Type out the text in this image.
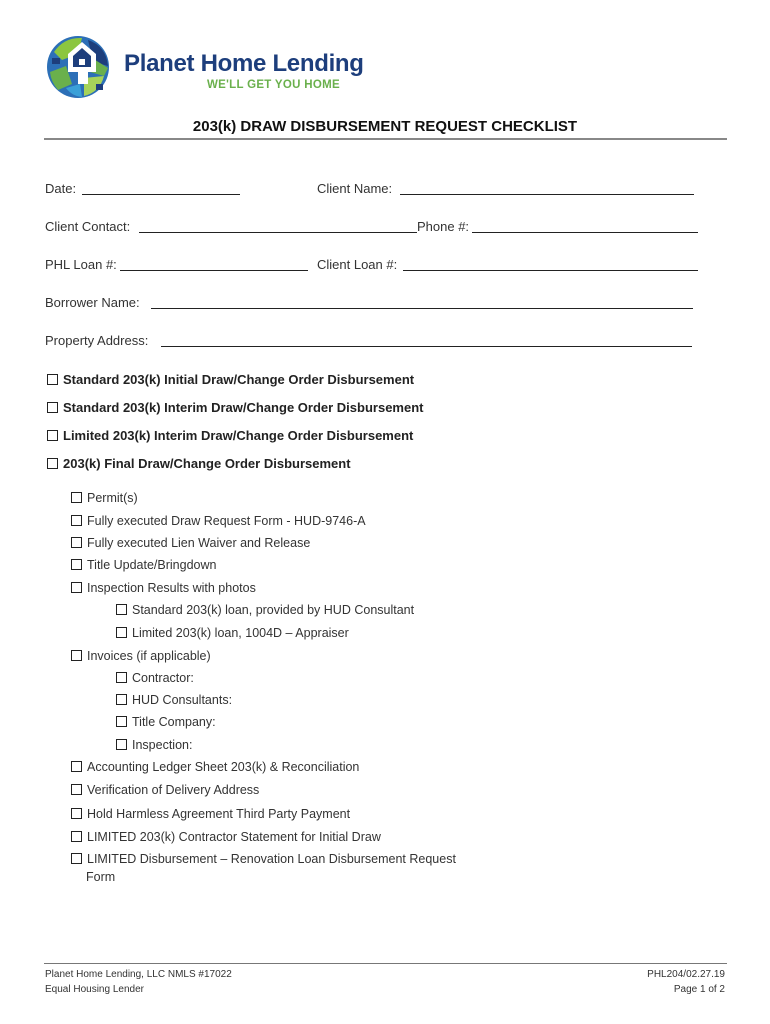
Planet Home Lending
WE'LL GET YOU HOME
203(k) DRAW DISBURSEMENT REQUEST CHECKLIST
Date:	Client Name:
Client Contact:	Phone #:
PHL Loan #:	Client Loan #:
Borrower Name:
Property Address:
Standard 203(k) Initial Draw/Change Order Disbursement
Standard 203(k) Interim Draw/Change Order Disbursement
Limited 203(k) Interim Draw/Change Order Disbursement
203(k) Final Draw/Change Order Disbursement
Permit(s)
Fully executed Draw Request Form - HUD-9746-A
Fully executed Lien Waiver and Release
Title Update/Bringdown
Inspection Results with photos
Standard 203(k) loan, provided by HUD Consultant
Limited 203(k) loan, 1004D – Appraiser
Invoices (if applicable)
Contractor:
HUD Consultants:
Title Company:
Inspection:
Accounting Ledger Sheet 203(k) & Reconciliation
Verification of Delivery Address
Hold Harmless Agreement Third Party Payment
LIMITED 203(k) Contractor Statement for Initial Draw
LIMITED Disbursement – Renovation Loan Disbursement Request
Form
Planet Home Lending, LLC NMLS #17022
Equal Housing Lender
PHL204/02.27.19
Page 1 of 2
